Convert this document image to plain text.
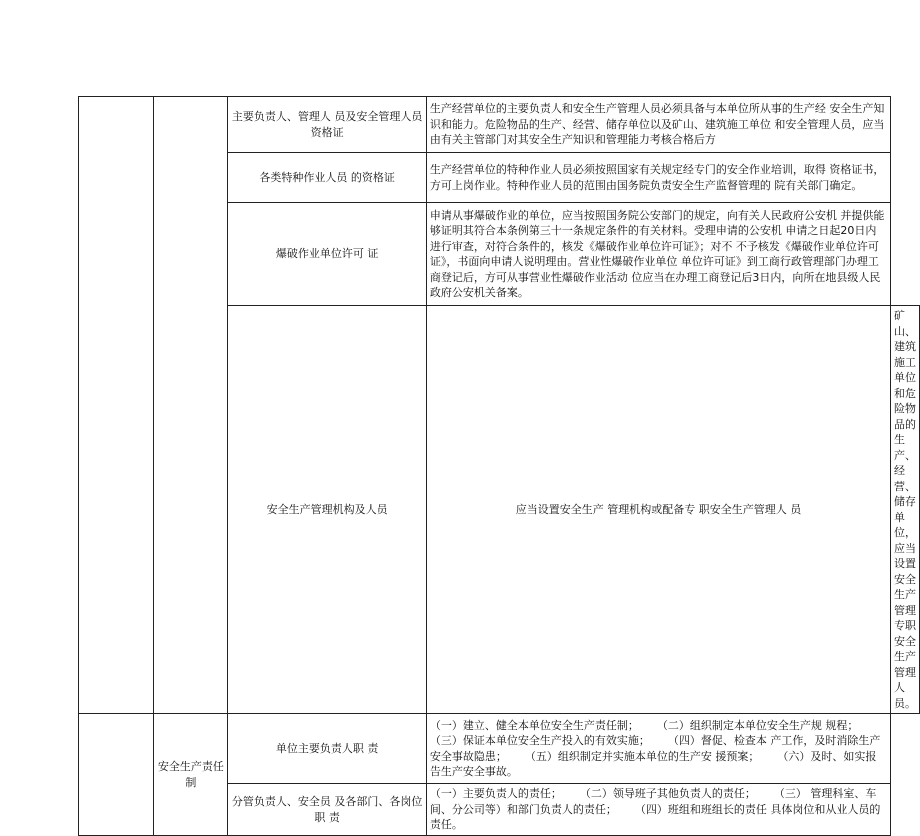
		主要负责人、管理人 员及安全管理人员 资格证	生产经营单位的主要负责人和安全生产管理人员必须具备与本单位所从事的生产经 安全生产知识和能力。危险物品的生产、经营、储存单位以及矿山、建筑施工单位 和安全管理人员，应当由有关主管部门对其安全生产知识和管理能力考核合格后方	
		各类特种作业人员 的资格证	生产经营单位的特种作业人员必须按照国家有关规定经专门的安全作业培训，取得 资格证书，方可上岗作业。特种作业人员的范围由国务院负责安全生产监督管理的 院有关部门确定。	
		爆破作业单位许可 证	申请从事爆破作业的单位，应当按照国务院公安部门的规定，向有关人民政府公安机 并提供能够证明其符合本条例第三十一条规定条件的有关材料。受理申请的公安机 申请之日起20日内进行审查，对符合条件的，核发《爆破作业单位许可证》；对不 不予核发《爆破作业单位许可证》，书面向申请人说明理由。营业性爆破作业单位 单位许可证》到工商行政管理部门办理工商登记后，方可从事营业性爆破作业活动 位应当在办理工商登记后3日内，向所在地县级人民政府公安机关备案。	
		安全生产管理机构及人员	应当设置安全生产 管理机构或配备专 职安全生产管理人 员	矿山、建筑施工单位和危险物品的生产、经营、储存单位，应当设置安全生产管理 专职安全生产管理人员。
	安全生产责任制	单位主要负责人职 责	（一）建立、健全本单位安全生产责任制； （二）组织制定本单位安全生产规 规程；（三）保证本单位安全生产投入的有效实施； （四）督促、检查本 产工作，及时消除生产安全事故隐患； （五）组织制定并实施本单位的生产安 援预案； （六）及时、如实报告生产安全事故。	
		分管负责人、安全员 及各部门、各岗位职 责	（一）主要负责人的责任； （二）领导班子其他负责人的责任； （三） 管理科室、车间、分公司等）和部门负责人的责任； （四）班组和班组长的责任 具体岗位和从业人员的责任。	
